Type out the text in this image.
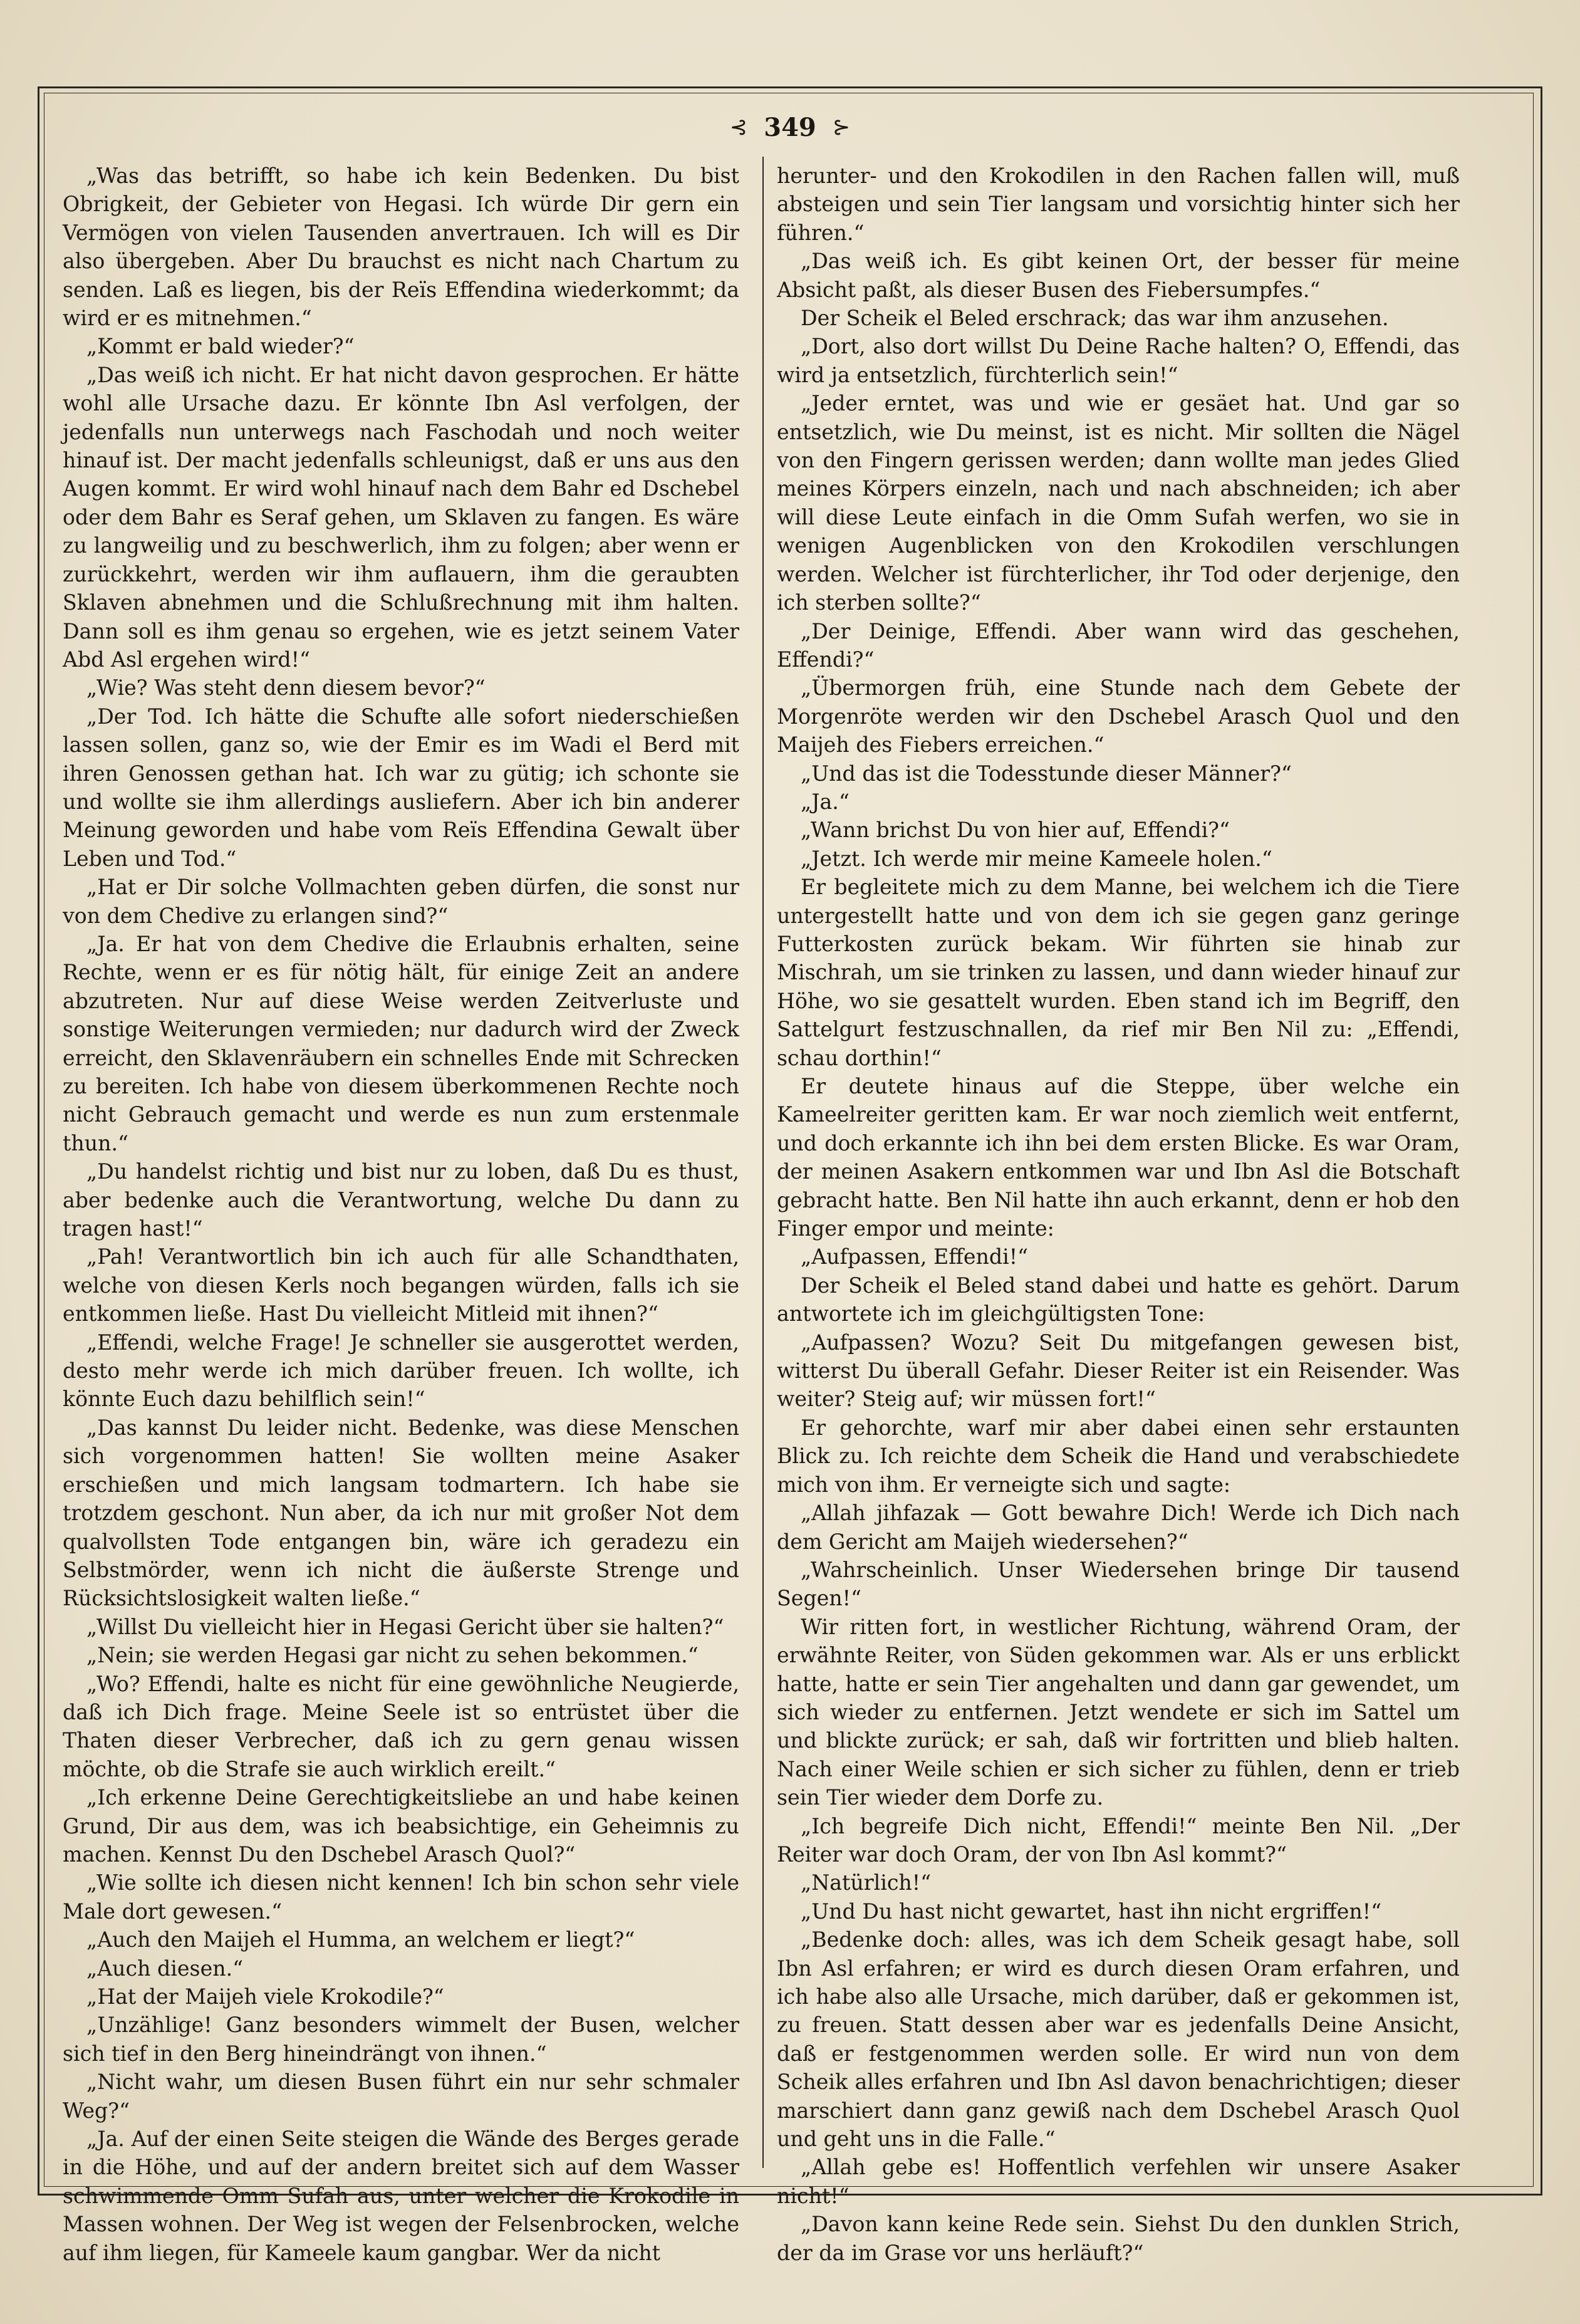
⊰ 349 ⊱

„Was das betrifft, so habe ich kein Bedenken. Du bist Obrigkeit, der Gebieter von Hegasi. Ich würde Dir gern ein Vermögen von vielen Tausenden anvertrauen. Ich will es Dir also übergeben. Aber Du brauchst es nicht nach Chartum zu senden. Laß es liegen, bis der Reïs Effendina wiederkommt; da wird er es mitnehmen.“

„Kommt er bald wieder?“

„Das weiß ich nicht. Er hat nicht davon gesprochen. Er hätte wohl alle Ursache dazu. Er könnte Ibn Asl verfolgen, der jedenfalls nun unterwegs nach Faschodah und noch weiter hinauf ist. Der macht jedenfalls schleunigst, daß er uns aus den Augen kommt. Er wird wohl hinauf nach dem Bahr ed Dschebel oder dem Bahr es Seraf gehen, um Sklaven zu fangen. Es wäre zu langweilig und zu beschwerlich, ihm zu folgen; aber wenn er zurückkehrt, werden wir ihm auflauern, ihm die geraubten Sklaven abnehmen und die Schlußrechnung mit ihm halten. Dann soll es ihm genau so ergehen, wie es jetzt seinem Vater Abd Asl ergehen wird!“

„Wie? Was steht denn diesem bevor?“

„Der Tod. Ich hätte die Schufte alle sofort niederschießen lassen sollen, ganz so, wie der Emir es im Wadi el Berd mit ihren Genossen gethan hat. Ich war zu gütig; ich schonte sie und wollte sie ihm allerdings ausliefern. Aber ich bin anderer Meinung geworden und habe vom Reïs Effendina Gewalt über Leben und Tod.“

„Hat er Dir solche Vollmachten geben dürfen, die sonst nur von dem Chedive zu erlangen sind?“

„Ja. Er hat von dem Chedive die Erlaubnis erhalten, seine Rechte, wenn er es für nötig hält, für einige Zeit an andere abzutreten. Nur auf diese Weise werden Zeitverluste und sonstige Weiterungen vermieden; nur dadurch wird der Zweck erreicht, den Sklavenräubern ein schnelles Ende mit Schrecken zu bereiten. Ich habe von diesem überkommenen Rechte noch nicht Gebrauch gemacht und werde es nun zum erstenmale thun.“

„Du handelst richtig und bist nur zu loben, daß Du es thust, aber bedenke auch die Verantwortung, welche Du dann zu tragen hast!“

„Pah! Verantwortlich bin ich auch für alle Schandthaten, welche von diesen Kerls noch begangen würden, falls ich sie entkommen ließe. Hast Du vielleicht Mitleid mit ihnen?“

„Effendi, welche Frage! Je schneller sie ausgerottet werden, desto mehr werde ich mich darüber freuen. Ich wollte, ich könnte Euch dazu behilflich sein!“

„Das kannst Du leider nicht. Bedenke, was diese Menschen sich vorgenommen hatten! Sie wollten meine Asaker erschießen und mich langsam todmartern. Ich habe sie trotzdem geschont. Nun aber, da ich nur mit großer Not dem qualvollsten Tode entgangen bin, wäre ich geradezu ein Selbstmörder, wenn ich nicht die äußerste Strenge und Rücksichtslosigkeit walten ließe.“

„Willst Du vielleicht hier in Hegasi Gericht über sie halten?“

„Nein; sie werden Hegasi gar nicht zu sehen bekommen.“

„Wo? Effendi, halte es nicht für eine gewöhnliche Neugierde, daß ich Dich frage. Meine Seele ist so entrüstet über die Thaten dieser Verbrecher, daß ich zu gern genau wissen möchte, ob die Strafe sie auch wirklich ereilt.“

„Ich erkenne Deine Gerechtigkeitsliebe an und habe keinen Grund, Dir aus dem, was ich beabsichtige, ein Geheimnis zu machen. Kennst Du den Dschebel Arasch Quol?“

„Wie sollte ich diesen nicht kennen! Ich bin schon sehr viele Male dort gewesen.“

„Auch den Maijeh el Humma, an welchem er liegt?“

„Auch diesen.“

„Hat der Maijeh viele Krokodile?“

„Unzählige! Ganz besonders wimmelt der Busen, welcher sich tief in den Berg hineindrängt von ihnen.“

„Nicht wahr, um diesen Busen führt ein nur sehr schmaler Weg?“

„Ja. Auf der einen Seite steigen die Wände des Berges gerade in die Höhe, und auf der andern breitet sich auf dem Wasser schwimmende Omm Sufah aus, unter welcher die Krokodile in Massen wohnen. Der Weg ist wegen der Felsenbrocken, welche auf ihm liegen, für Kameele kaum gangbar. Wer da nicht

herunter- und den Krokodilen in den Rachen fallen will, muß absteigen und sein Tier langsam und vorsichtig hinter sich her führen.“

„Das weiß ich. Es gibt keinen Ort, der besser für meine Absicht paßt, als dieser Busen des Fiebersumpfes.“

Der Scheik el Beled erschrack; das war ihm anzusehen.

„Dort, also dort willst Du Deine Rache halten? O, Effendi, das wird ja entsetzlich, fürchterlich sein!“

„Jeder erntet, was und wie er gesäet hat. Und gar so entsetzlich, wie Du meinst, ist es nicht. Mir sollten die Nägel von den Fingern gerissen werden; dann wollte man jedes Glied meines Körpers einzeln, nach und nach abschneiden; ich aber will diese Leute einfach in die Omm Sufah werfen, wo sie in wenigen Augenblicken von den Krokodilen verschlungen werden. Welcher ist fürchterlicher, ihr Tod oder derjenige, den ich sterben sollte?“

„Der Deinige, Effendi. Aber wann wird das geschehen, Effendi?“

„Übermorgen früh, eine Stunde nach dem Gebete der Morgenröte werden wir den Dschebel Arasch Quol und den Maijeh des Fiebers erreichen.“

„Und das ist die Todesstunde dieser Männer?“

„Ja.“

„Wann brichst Du von hier auf, Effendi?“

„Jetzt. Ich werde mir meine Kameele holen.“

Er begleitete mich zu dem Manne, bei welchem ich die Tiere untergestellt hatte und von dem ich sie gegen ganz geringe Futterkosten zurück bekam. Wir führten sie hinab zur Mischrah, um sie trinken zu lassen, und dann wieder hinauf zur Höhe, wo sie gesattelt wurden. Eben stand ich im Begriff, den Sattelgurt festzuschnallen, da rief mir Ben Nil zu: „Effendi, schau dorthin!“

Er deutete hinaus auf die Steppe, über welche ein Kameelreiter geritten kam. Er war noch ziemlich weit entfernt, und doch erkannte ich ihn bei dem ersten Blicke. Es war Oram, der meinen Asakern entkommen war und Ibn Asl die Botschaft gebracht hatte. Ben Nil hatte ihn auch erkannt, denn er hob den Finger empor und meinte:

„Aufpassen, Effendi!“

Der Scheik el Beled stand dabei und hatte es gehört. Darum antwortete ich im gleichgültigsten Tone:

„Aufpassen? Wozu? Seit Du mitgefangen gewesen bist, witterst Du überall Gefahr. Dieser Reiter ist ein Reisender. Was weiter? Steig auf; wir müssen fort!“

Er gehorchte, warf mir aber dabei einen sehr erstaunten Blick zu. Ich reichte dem Scheik die Hand und verabschiedete mich von ihm. Er verneigte sich und sagte:

„Allah jihfazak — Gott bewahre Dich! Werde ich Dich nach dem Gericht am Maijeh wiedersehen?“

„Wahrscheinlich. Unser Wiedersehen bringe Dir tausend Segen!“

Wir ritten fort, in westlicher Richtung, während Oram, der erwähnte Reiter, von Süden gekommen war. Als er uns erblickt hatte, hatte er sein Tier angehalten und dann gar gewendet, um sich wieder zu entfernen. Jetzt wendete er sich im Sattel um und blickte zurück; er sah, daß wir fortritten und blieb halten. Nach einer Weile schien er sich sicher zu fühlen, denn er trieb sein Tier wieder dem Dorfe zu.

„Ich begreife Dich nicht, Effendi!“ meinte Ben Nil. „Der Reiter war doch Oram, der von Ibn Asl kommt?“

„Natürlich!“

„Und Du hast nicht gewartet, hast ihn nicht ergriffen!“

„Bedenke doch: alles, was ich dem Scheik gesagt habe, soll Ibn Asl erfahren; er wird es durch diesen Oram erfahren, und ich habe also alle Ursache, mich darüber, daß er gekommen ist, zu freuen. Statt dessen aber war es jedenfalls Deine Ansicht, daß er festgenommen werden solle. Er wird nun von dem Scheik alles erfahren und Ibn Asl davon benachrichtigen; dieser marschiert dann ganz gewiß nach dem Dschebel Arasch Quol und geht uns in die Falle.“

„Allah gebe es! Hoffentlich verfehlen wir unsere Asaker nicht!“

„Davon kann keine Rede sein. Siehst Du den dunklen Strich, der da im Grase vor uns herläuft?“
